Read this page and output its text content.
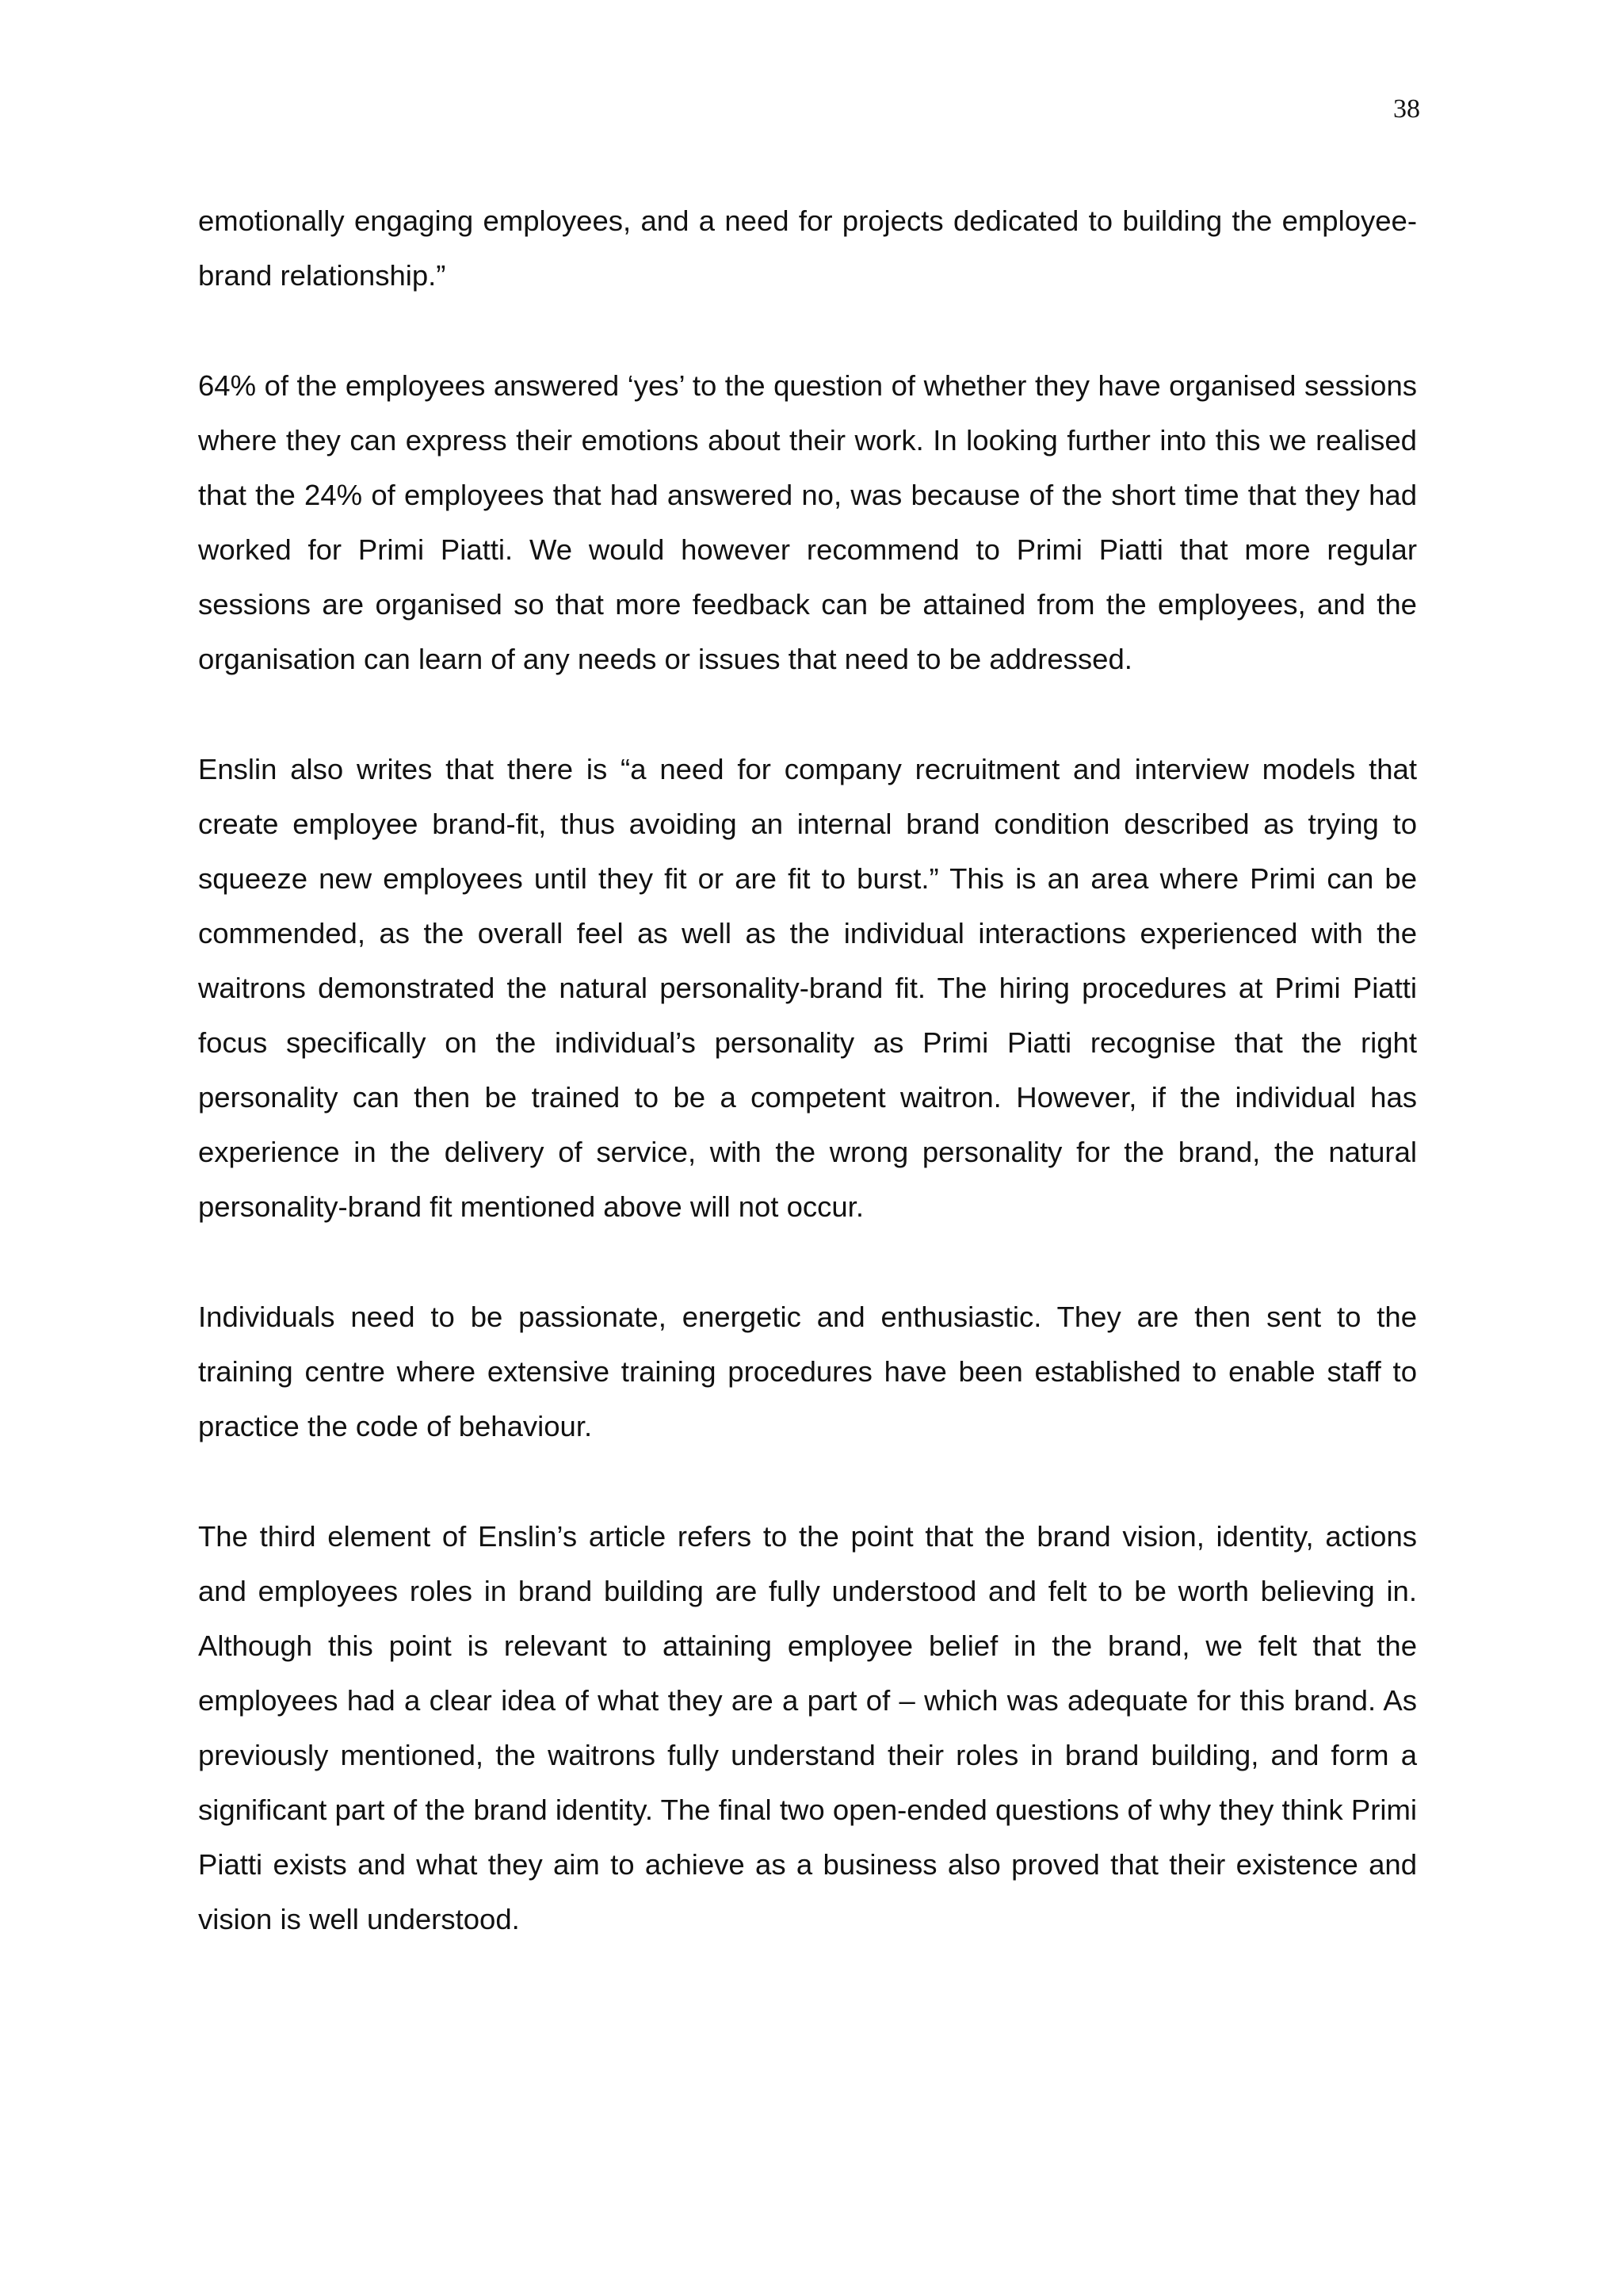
38

emotionally engaging employees, and a need for projects dedicated to building the employee-brand relationship.”

64% of the employees answered ‘yes’ to the question of whether they have organised sessions where they can express their emotions about their work. In looking further into this we realised that the 24% of employees that had answered no, was because of the short time that they had worked for Primi Piatti. We would however recommend to Primi Piatti that more regular sessions are organised so that more feedback can be attained from the employees, and the organisation can learn of any needs or issues that need to be addressed.

Enslin also writes that there is “a need for company recruitment and interview models that create employee brand-fit, thus avoiding an internal brand condition described as trying to squeeze new employees until they fit or are fit to burst.” This is an area where Primi can be commended, as the overall feel as well as the individual interactions experienced with the waitrons demonstrated the natural personality-brand fit. The hiring procedures at Primi Piatti focus specifically on the individual’s personality as Primi Piatti recognise that the right personality can then be trained to be a competent waitron. However, if the individual has experience in the delivery of service, with the wrong personality for the brand, the natural personality-brand fit mentioned above will not occur.

Individuals need to be passionate, energetic and enthusiastic. They are then sent to the training centre where extensive training procedures have been established to enable staff to practice the code of behaviour.

The third element of Enslin’s article refers to the point that the brand vision, identity, actions and employees roles in brand building are fully understood and felt to be worth believing in. Although this point is relevant to attaining employee belief in the brand, we felt that the employees had a clear idea of what they are a part of – which was adequate for this brand. As previously mentioned, the waitrons fully understand their roles in brand building, and form a significant part of the brand identity. The final two open-ended questions of why they think Primi Piatti exists and what they aim to achieve as a business also proved that their existence and vision is well understood.
